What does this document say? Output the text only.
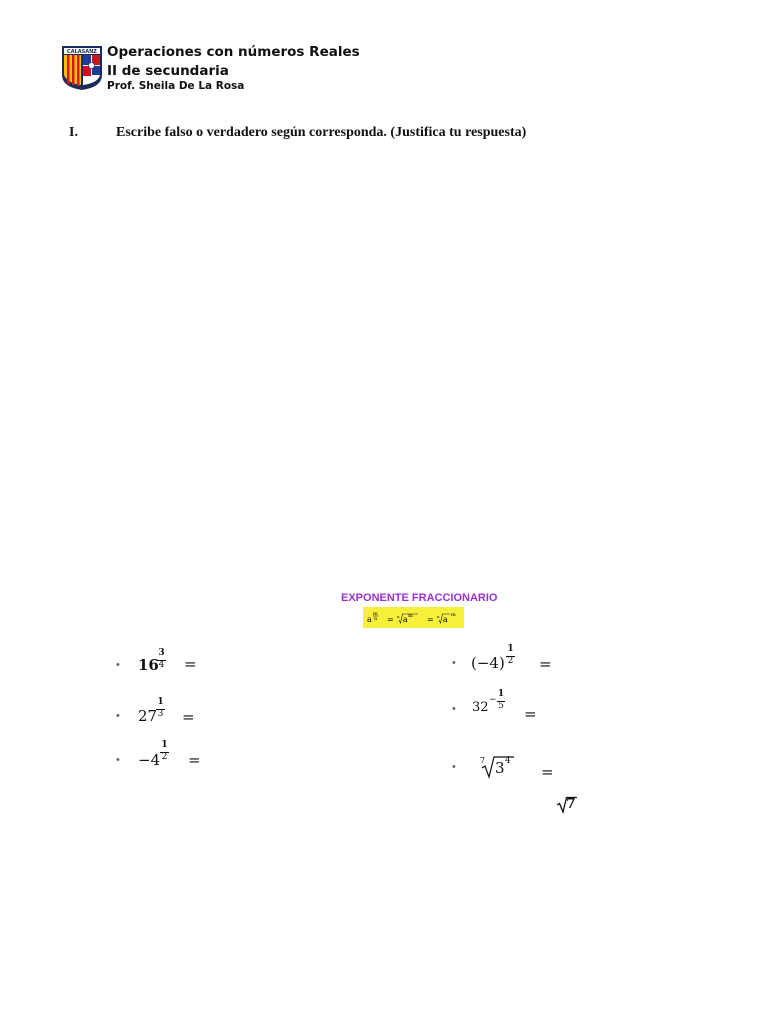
CALASANZ Operaciones con números Reales
II de secundaria
Prof. Sheila De La Rosa
I.	Escribe falso o verdadero según corresponda. (Justifica tu respuesta)
EXPONENTE FRACCIONARIO
a
m
n = n a m = n a m
• 16
3
4 =
• 27
1
3 =
• −4
1
2 =
• (−4)
1
2 =
• 32 −
1
5 =
•
7 3 4
=
7
